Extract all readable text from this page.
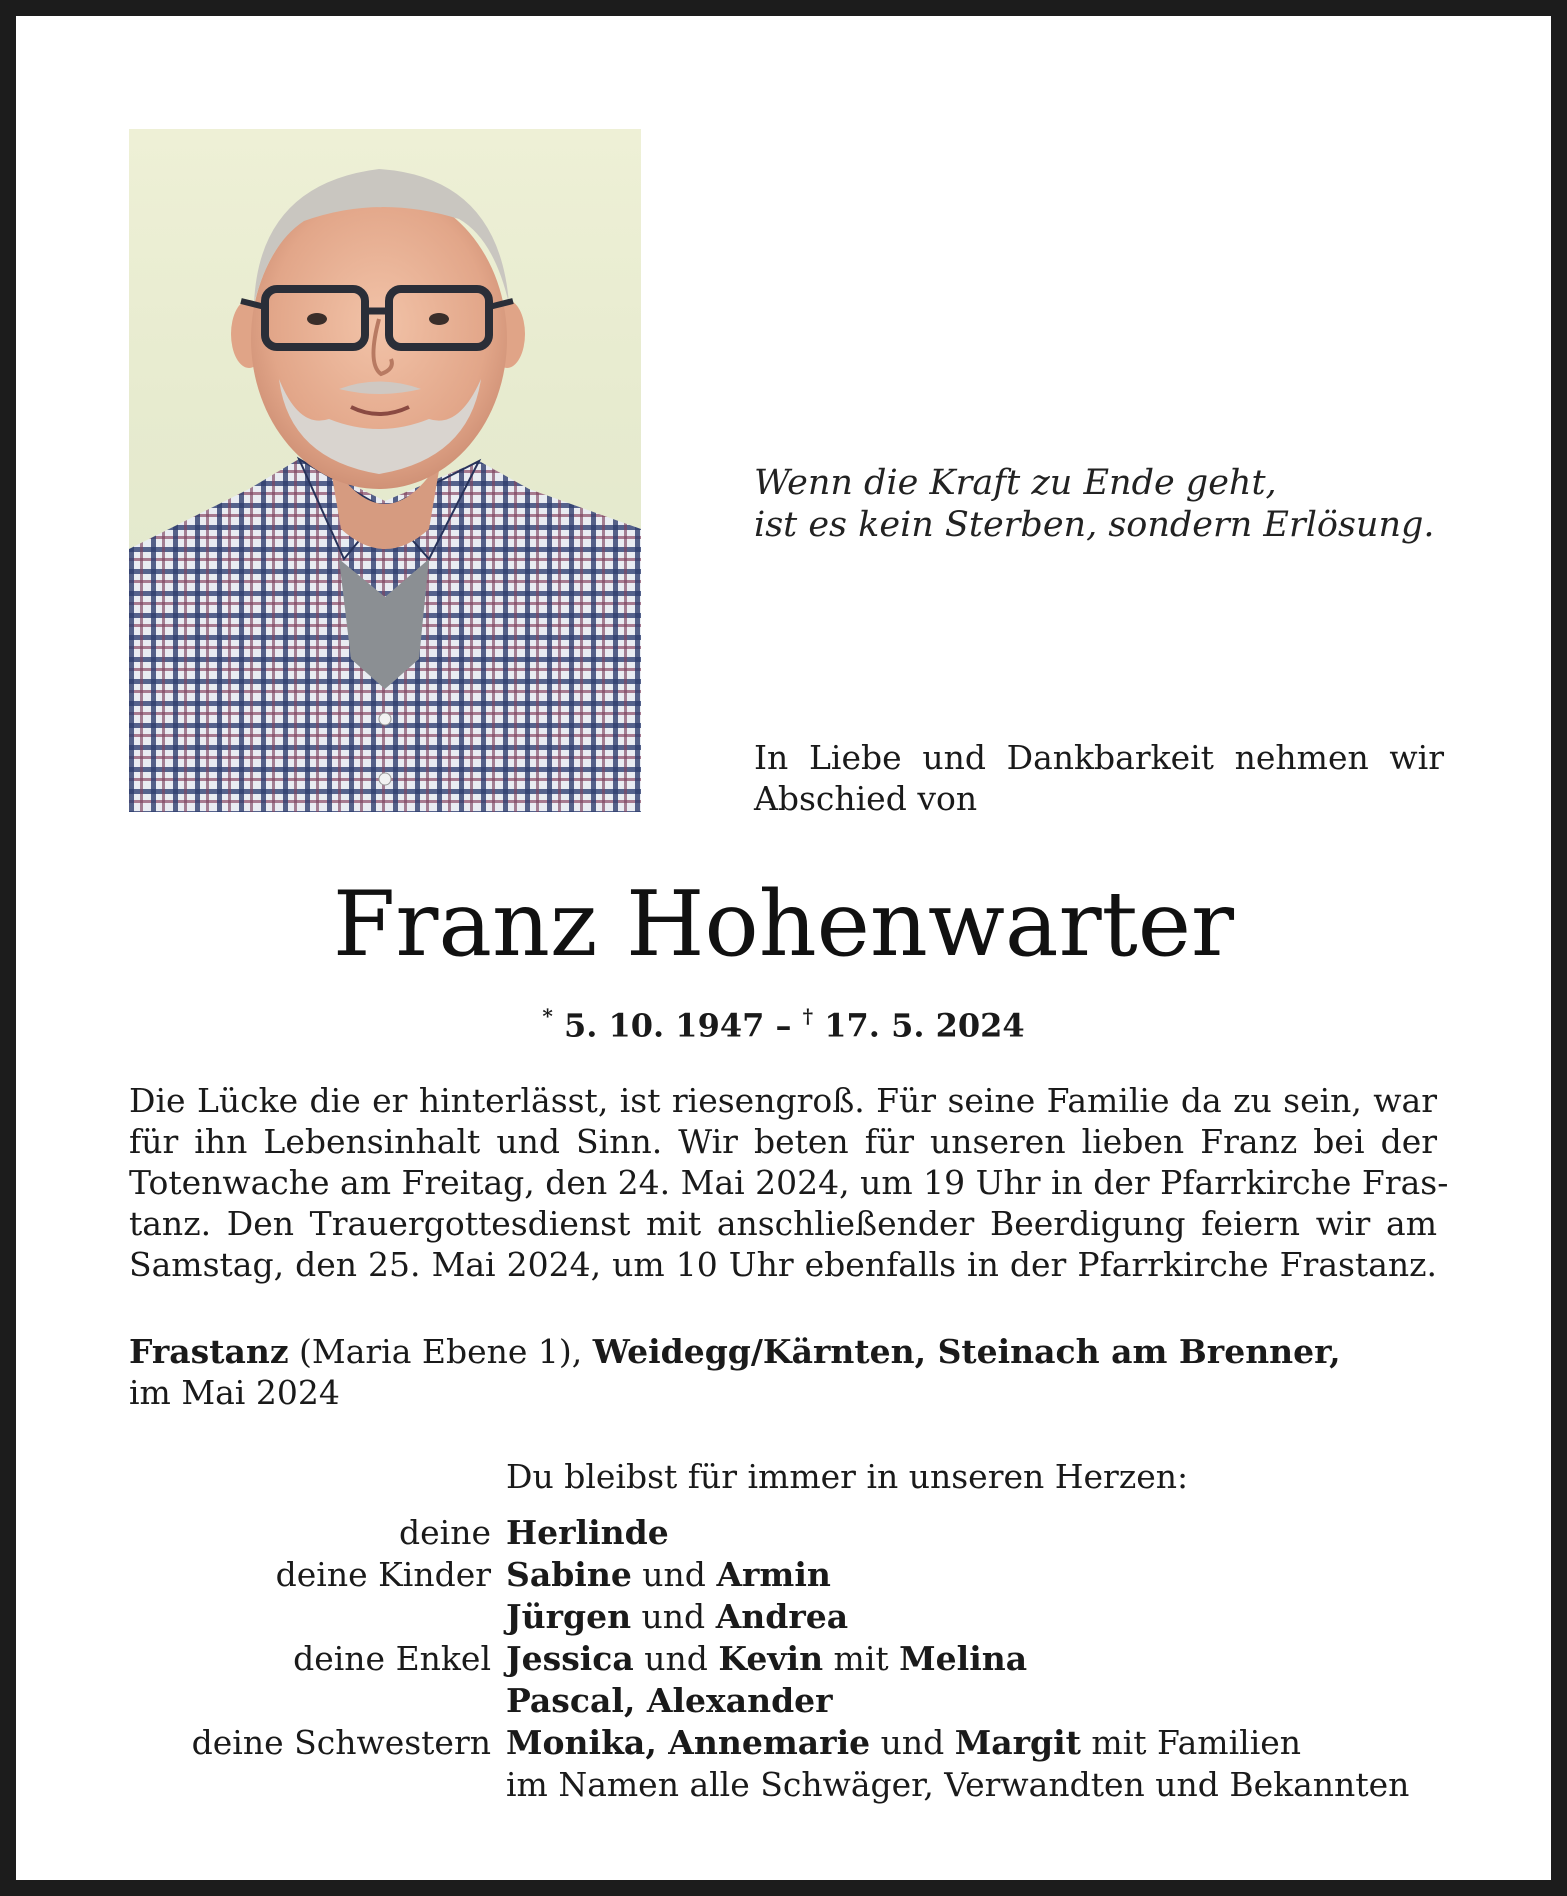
Wenn die Kraft zu Ende geht,
ist es kein Sterben, sondern Erlösung.
In Liebe und Dankbarkeit nehmen wir
Abschied von
Franz Hohenwarter
* 5. 10. 1947 – † 17. 5. 2024
Die Lücke die er hinterlässt, ist riesengroß. Für seine Familie da zu sein, war
für ihn Lebensinhalt und Sinn. Wir beten für unseren lieben Franz bei der
Totenwache am Freitag, den 24. Mai 2024, um 19 Uhr in der Pfarrkirche Fras-
tanz. Den Trauergottesdienst mit anschließender Beerdigung feiern wir am
Samstag, den 25. Mai 2024, um 10 Uhr ebenfalls in der Pfarrkirche Frastanz.
Frastanz (Maria Ebene 1), Weidegg/Kärnten, Steinach am Brenner,
im Mai 2024
Du bleibst für immer in unseren Herzen:
deine Herlinde
deine Kinder Sabine und Armin
Jürgen und Andrea
deine Enkel Jessica und Kevin mit Melina
Pascal, Alexander
deine Schwestern Monika, Annemarie und Margit mit Familien
im Namen alle Schwäger, Verwandten und Bekannten
